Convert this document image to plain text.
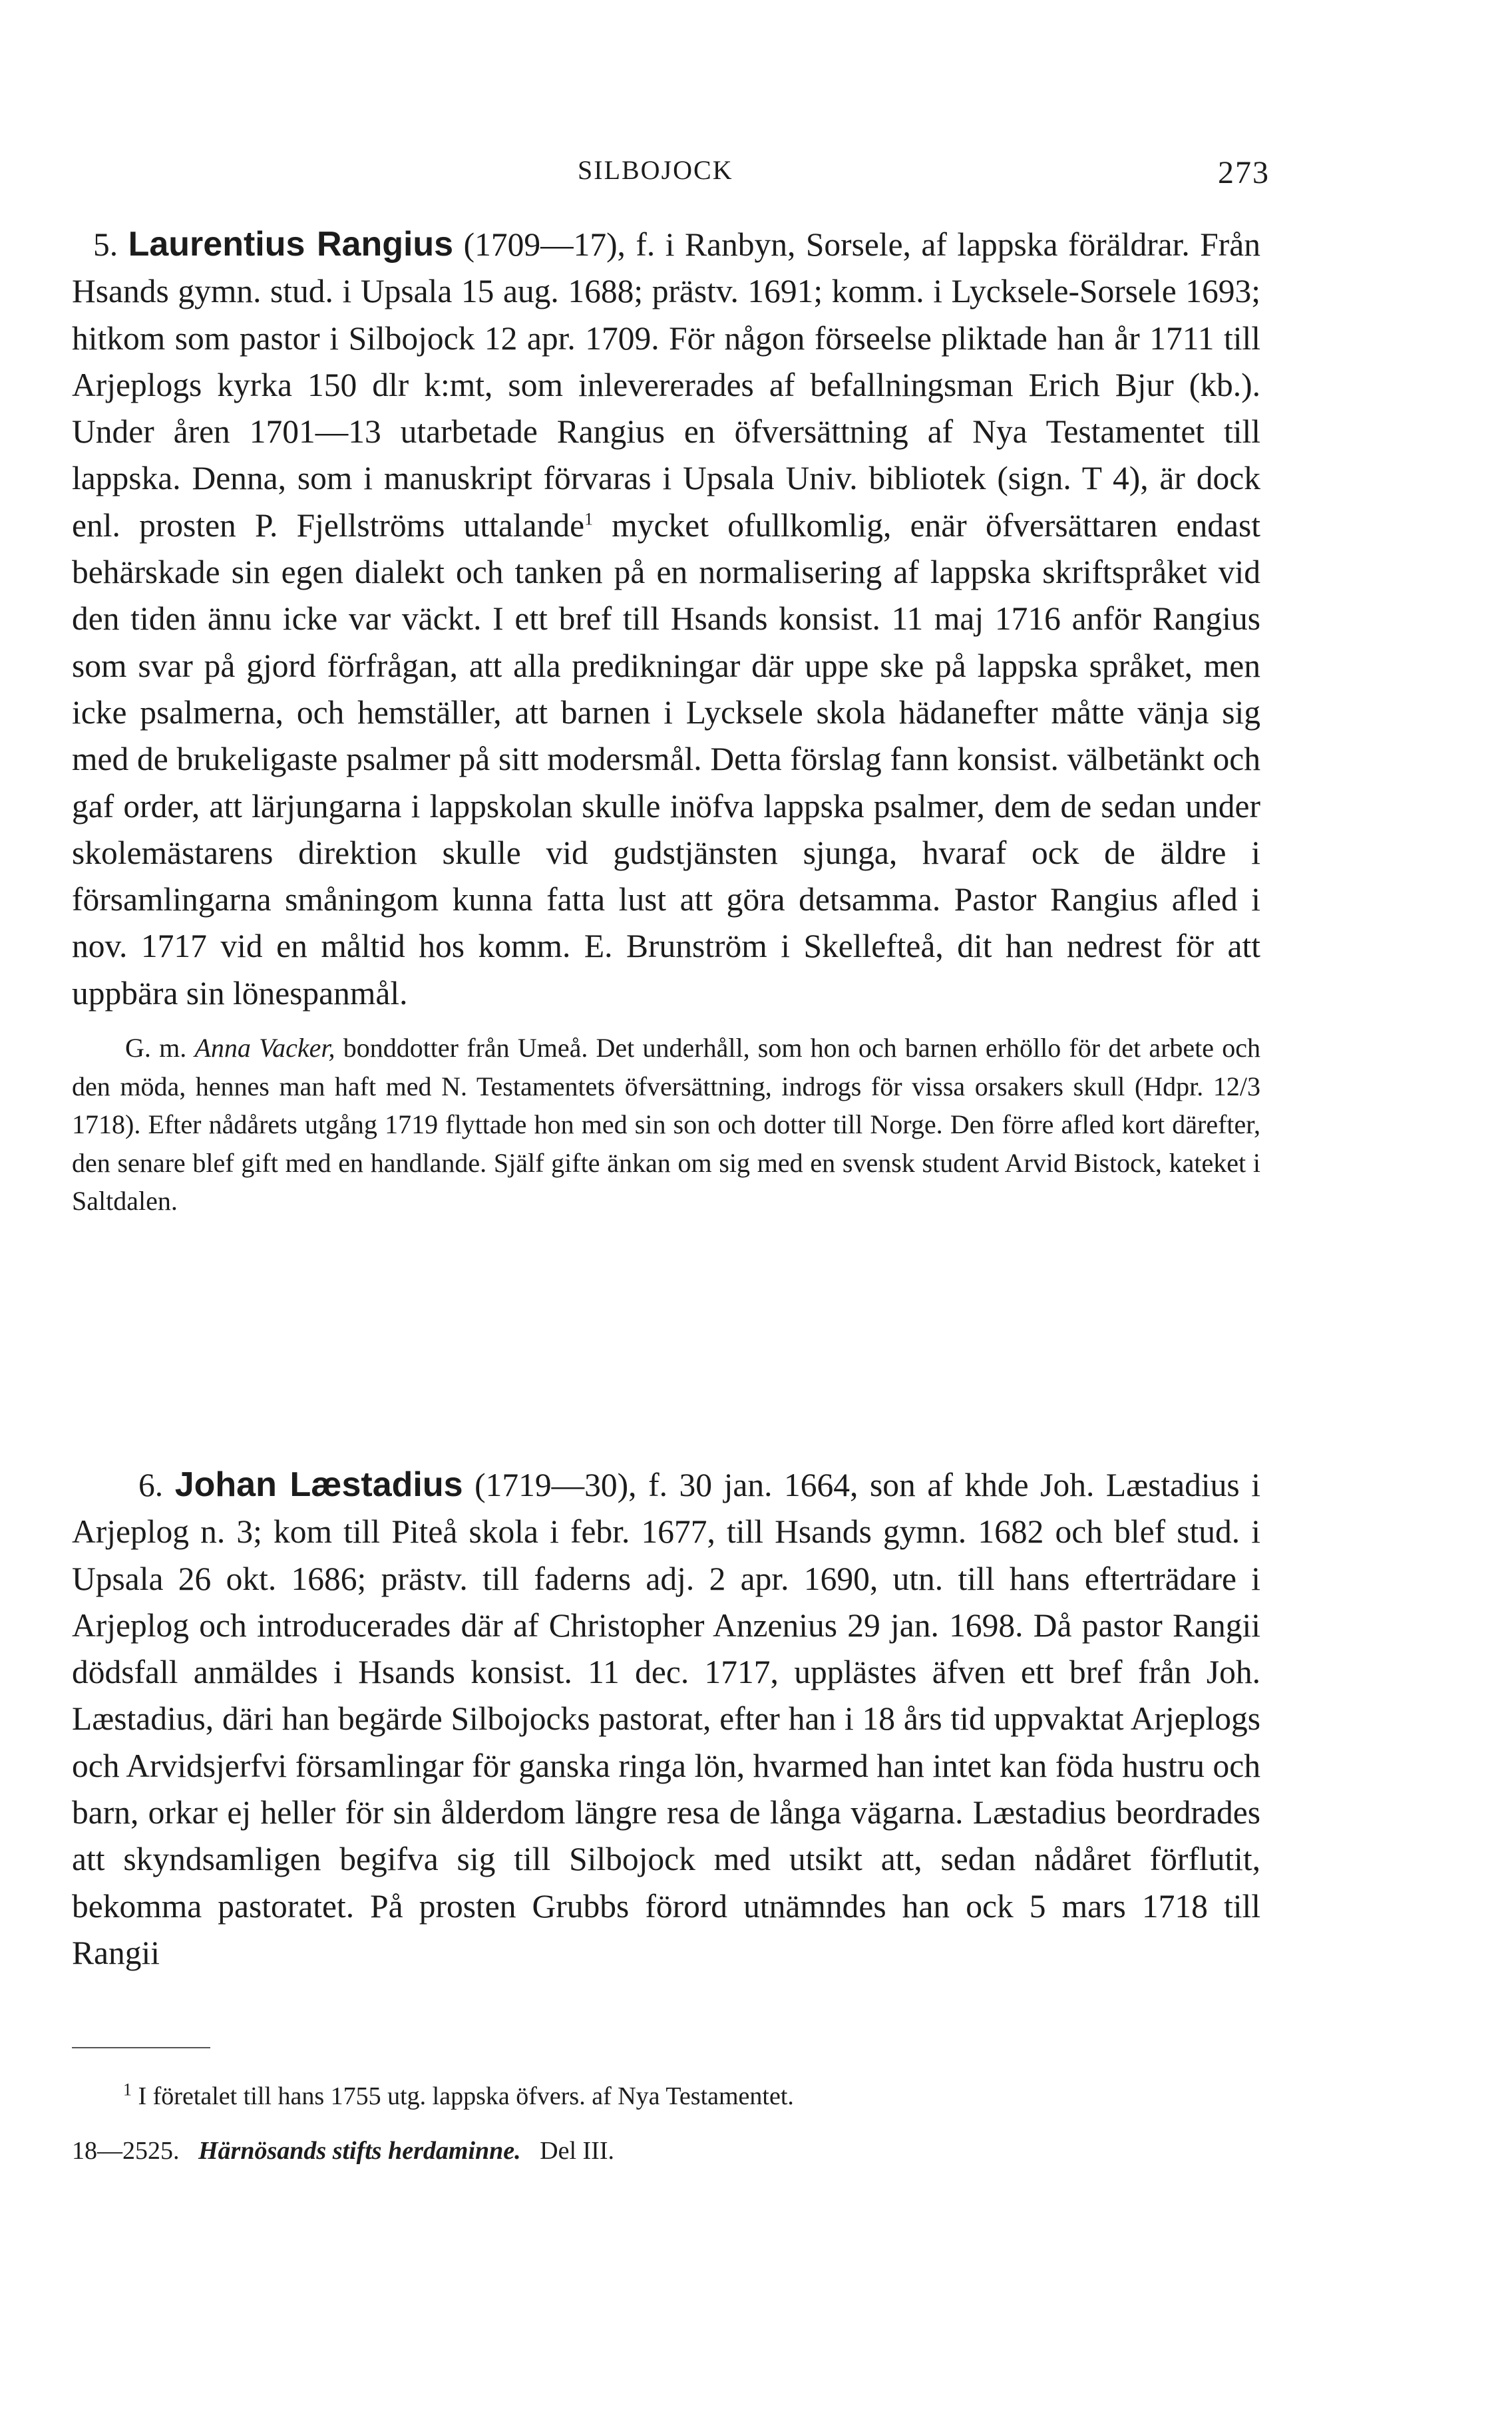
SILBOJOCK	273

5. Laurentius Rangius (1709—17), f. i Ranbyn, Sorsele, af lappska föräldrar. Från Hsands gymn. stud. i Upsala 15 aug. 1688; prästv. 1691; komm. i Lycksele-Sorsele 1693; hitkom som pastor i Silbojock 12 apr. 1709. För någon förseelse pliktade han år 1711 till Arjeplogs kyrka 150 dlr k:mt, som inlevererades af befallningsman Erich Bjur (kb.). Under åren 1701—13 utarbetade Rangius en öfversättning af Nya Testamentet till lappska. Denna, som i manuskript förvaras i Upsala Univ. bibliotek (sign. T 4), är dock enl. prosten P. Fjellströms uttalande$^1$ mycket ofullkomlig, enär öfversättaren endast behärskade sin egen dialekt och tanken på en normalisering af lappska skriftspråket vid den tiden ännu icke var väckt. I ett bref till Hsands konsist. 11 maj 1716 anför Rangius som svar på gjord förfrågan, att alla predikningar där uppe ske på lappska språket, men icke psalmerna, och hemställer, att barnen i Lycksele skola hädanefter måtte vänja sig med de brukeligaste psalmer på sitt modersmål. Detta förslag fann konsist. välbetänkt och gaf order, att lärjungarna i lappskolan skulle inöfva lappska psalmer, dem de sedan under skolemästarens direktion skulle vid gudstjänsten sjunga, hvaraf ock de äldre i församlingarna småningom kunna fatta lust att göra detsamma. Pastor Rangius afled i nov. 1717 vid en måltid hos komm. E. Brunström i Skellefteå, dit han nedrest för att uppbära sin lönespanmål.

G. m. Anna Vacker, bonddotter från Umeå. Det underhåll, som hon och barnen erhöllo för det arbete och den möda, hennes man haft med N. Testamentets öfversättning, indrogs för vissa orsakers skull (Hdpr. 12/3 1718). Efter nådårets utgång 1719 flyttade hon med sin son och dotter till Norge. Den förre afled kort därefter, den senare blef gift med en handlande. Själf gifte änkan om sig med en svensk student Arvid Bistock, kateket i Saltdalen.

6. Johan Læstadius (1719—30), f. 30 jan. 1664, son af khde Joh. Læstadius i Arjeplog n. 3; kom till Piteå skola i febr. 1677, till Hsands gymn. 1682 och blef stud. i Upsala 26 okt. 1686; prästv. till faderns adj. 2 apr. 1690, utn. till hans efterträdare i Arjeplog och introducerades där af Christopher Anzenius 29 jan. 1698. Då pastor Rangii dödsfall anmäldes i Hsands konsist. 11 dec. 1717, upplästes äfven ett bref från Joh. Læstadius, däri han begärde Silbojocks pastorat, efter han i 18 års tid uppvaktat Arjeplogs och Arvidsjerfvi församlingar för ganska ringa lön, hvarmed han intet kan föda hustru och barn, orkar ej heller för sin ålderdom längre resa de långa vägarna. Læstadius beordrades att skyndsamligen begifva sig till Silbojock med utsikt att, sedan nådåret förflutit, bekomma pastoratet. På prosten Grubbs förord utnämndes han ock 5 mars 1718 till Rangii

$^1$ I företalet till hans 1755 utg. lappska öfvers. af Nya Testamentet.
18—2525. Härnösands stifts herdaminne. Del III.
